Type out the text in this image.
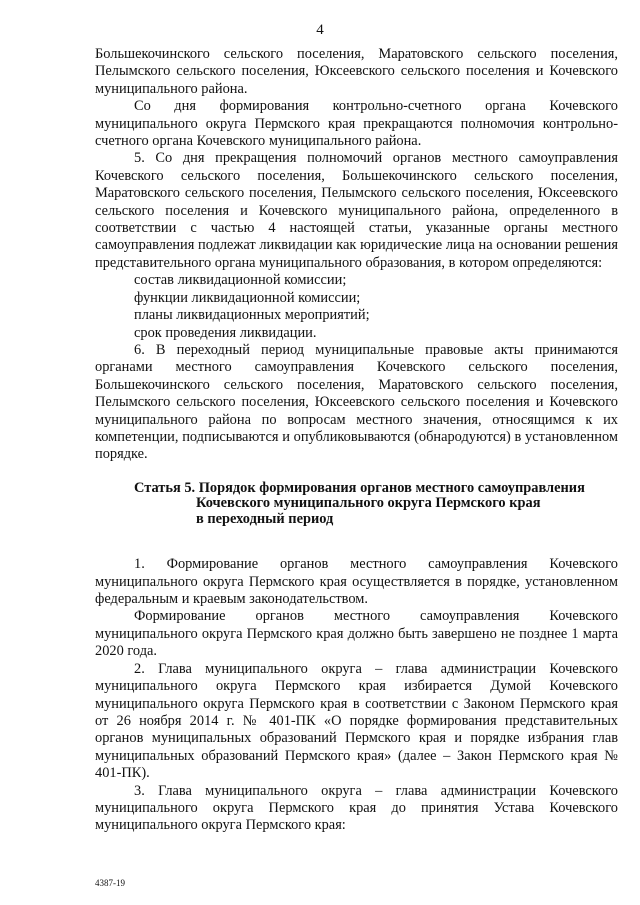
4

Большекочинского сельского поселения, Маратовского сельского поселения, Пелымского сельского поселения, Юксеевского сельского поселения и Кочевского муниципального района.

Со дня формирования контрольно-счетного органа Кочевского муниципального округа Пермского края прекращаются полномочия контрольно-счетного органа Кочевского муниципального района.

5. Со дня прекращения полномочий органов местного самоуправления Кочевского сельского поселения, Большекочинского сельского поселения, Маратовского сельского поселения, Пелымского сельского поселения, Юксеевского сельского поселения и Кочевского муниципального района, определенного в соответствии с частью 4 настоящей статьи, указанные органы местного самоуправления подлежат ликвидации как юридические лица на основании решения представительного органа муниципального образования, в котором определяются:

состав ликвидационной комиссии;

функции ликвидационной комиссии;

планы ликвидационных мероприятий;

срок проведения ликвидации.

6. В переходный период муниципальные правовые акты принимаются органами местного самоуправления Кочевского сельского поселения, Большекочинского сельского поселения, Маратовского сельского поселения, Пелымского сельского поселения, Юксеевского сельского поселения и Кочевского муниципального района по вопросам местного значения, относящимся к их компетенции, подписываются и опубликовываются (обнародуются) в установленном порядке.

Статья 5. Порядок формирования органов местного самоуправления
Кочевского муниципального округа Пермского края
в переходный период

1. Формирование органов местного самоуправления Кочевского муниципального округа Пермского края осуществляется в порядке, установленном федеральным и краевым законодательством.

Формирование органов местного самоуправления Кочевского муниципального округа Пермского края должно быть завершено не позднее 1 марта 2020 года.

2. Глава муниципального округа – глава администрации Кочевского муниципального округа Пермского края избирается Думой Кочевского муниципального округа Пермского края в соответствии с Законом Пермского края от 26 ноября 2014 г. № 401-ПК «О порядке формирования представительных органов муниципальных образований Пермского края и порядке избрания глав муниципальных образований Пермского края» (далее – Закон Пермского края № 401-ПК).

3. Глава муниципального округа – глава администрации Кочевского муниципального округа Пермского края до принятия Устава Кочевского муниципального округа Пермского края:

4387-19
